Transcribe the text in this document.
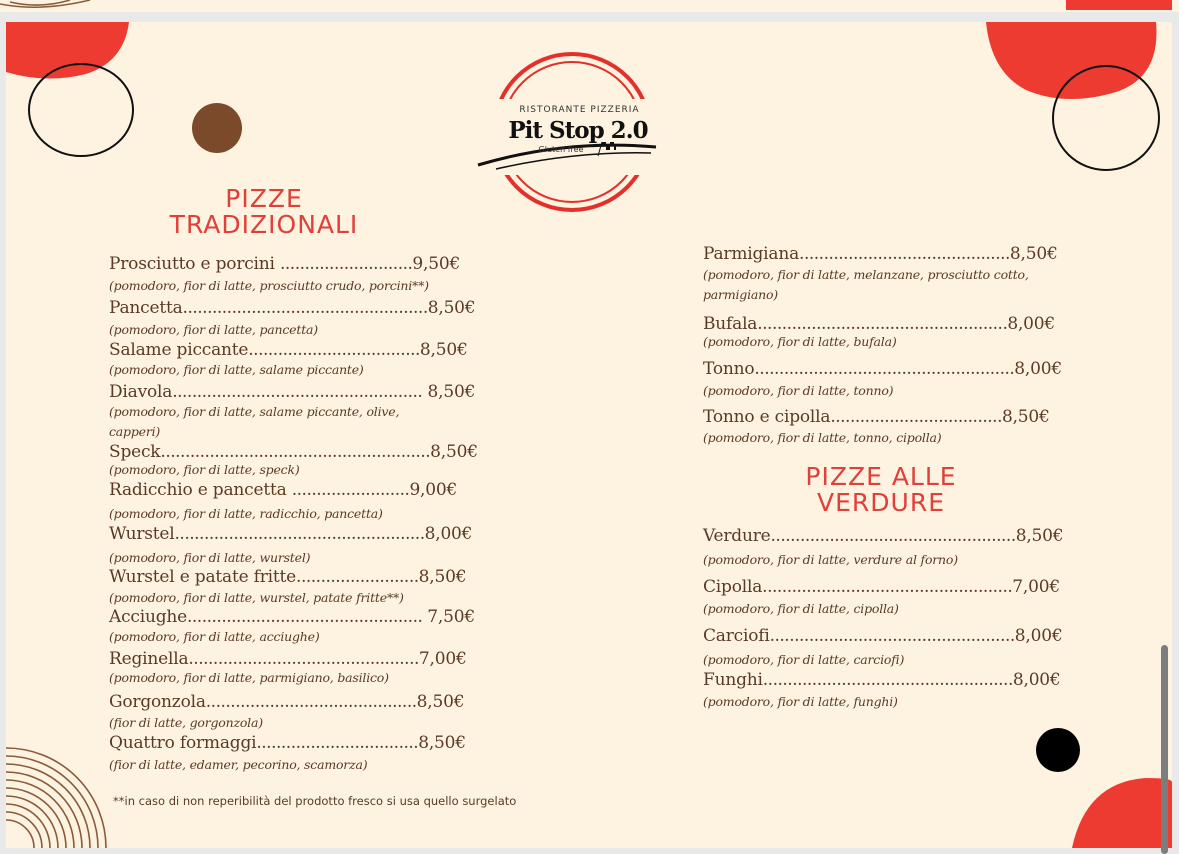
RISTORANTE PIZZERIA
Pit Stop 2.0
Gluten free
PIZZE
TRADIZIONALI
Prosciutto e porcini ...........................9,50€
(pomodoro, fior di latte, prosciutto crudo, porcini**)
Pancetta..................................................8,50€
(pomodoro, fior di latte, pancetta)
Salame piccante...................................8,50€
(pomodoro, fior di latte, salame piccante)
Diavola................................................... 8,50€
(pomodoro, fior di latte, salame piccante, olive,
capperi)
Speck.......................................................8,50€
(pomodoro, fior di latte, speck)
Radicchio e pancetta ........................9,00€
(pomodoro, fior di latte, radicchio, pancetta)
Wurstel...................................................8,00€
(pomodoro, fior di latte, wurstel)
Wurstel e patate fritte.........................8,50€
(pomodoro, fior di latte, wurstel, patate fritte**)
Acciughe................................................ 7,50€
(pomodoro, fior di latte, acciughe)
Reginella...............................................7,00€
(pomodoro, fior di latte, parmigiano, basilico)
Gorgonzola...........................................8,50€
(fior di latte, gorgonzola)
Quattro formaggi.................................8,50€
(fior di latte, edamer, pecorino, scamorza)
Parmigiana...........................................8,50€
(pomodoro, fior di latte, melanzane, prosciutto cotto,
parmigiano)
Bufala...................................................8,00€
(pomodoro, fior di latte, bufala)
Tonno.....................................................8,00€
(pomodoro, fior di latte, tonno)
Tonno e cipolla...................................8,50€
(pomodoro, fior di latte, tonno, cipolla)
PIZZE ALLE
VERDURE
Verdure..................................................8,50€
(pomodoro, fior di latte, verdure al forno)
Cipolla...................................................7,00€
(pomodoro, fior di latte, cipolla)
Carciofi..................................................8,00€
(pomodoro, fior di latte, carciofi)
Funghi...................................................8,00€
(pomodoro, fior di latte, funghi)
**in caso di non reperibilità del prodotto fresco si usa quello surgelato
